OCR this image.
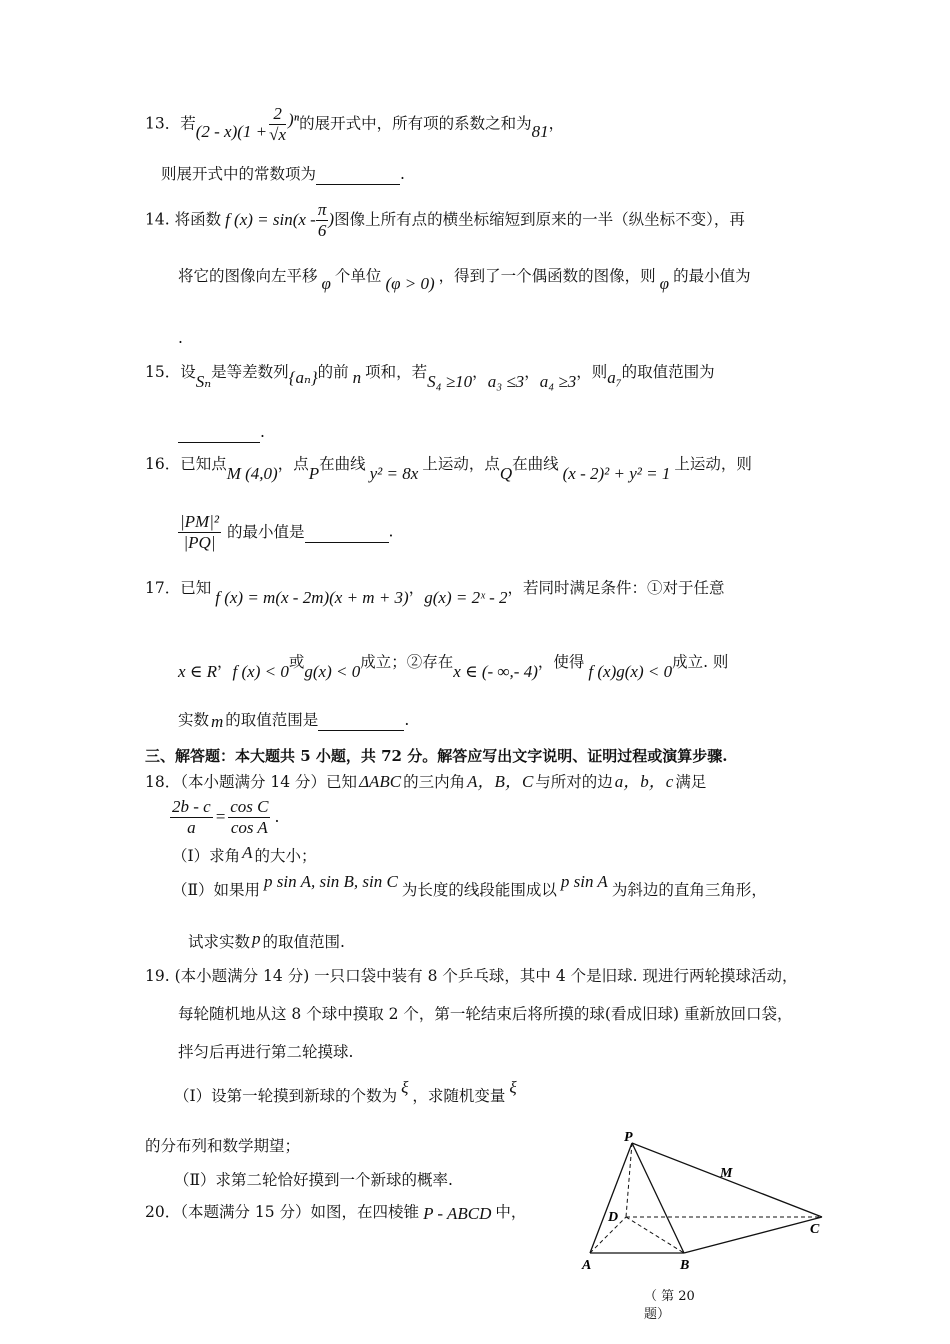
13．若$(2 - x)(1 + \frac{2}{√x} )^n$的展开式中，所有项的系数之和为81，
则展开式中的常数项为	.
14. 将函数 f $(x) = \sin(x - \frac{\pi}{6}$ )图像上所有点的横坐标缩短到原来的一半（纵坐标不变），再
将它的图像向左平移 φ 个单位 (φ > 0) ，得到了一个偶函数的图像，则 φ 的最小值为
.
15．设Sₙ是等差数列{aₙ}的前 n 项和，若S₄ ≥10，a₃ ≤3，a₄ ≥3，则a₇的取值范围为
.
16．已知点M (4,0)，点P在曲线 y² = 8x 上运动，点Q在曲线 (x - 2)² + y² = 1 上运动，则
$\frac{\text{|PM|²}}{|PQ|}$ 的最小值是	.
17．已知 f (x) = m(x - 2m)(x + m + 3)，g(x) = 2ˣ - 2，若同时满足条件：①对于任意
x ∈ R，f (x) < 0或g(x) < 0成立；②存在x ∈ (- ∞,- 4)，使得 f (x)g(x) < 0成立. 则
实数 m 的取值范围是	.
三、解答题：本大题共 5 小题，共 72 分。解答应写出文字说明、证明过程或演算步骤.
18．（本小题满分 14 分）已知 ΔABC 的三内角 A，B，C 与所对的边 a，b，c 满足
$\frac{2b - c}{a} = \frac{\text{cos C}}{\text{cos A}}$ .
（Ⅰ）求角 A 的大小；
（Ⅱ）如果用 p sin A, sin B, sin C 为长度的线段能围成以 p sin A 为斜边的直角三角形，
试求实数 p 的取值范围.
19. (本小题满分 14 分) 一只口袋中装有 8 个乒乓球，其中 4 个是旧球. 现进行两轮摸球活动，
每轮随机地从这 8 个球中摸取 2 个，第一轮结束后将所摸的球(看成旧球) 重新放回口袋，
拌匀后再进行第二轮摸球.
（Ⅰ）设第一轮摸到新球的个数为 ξ ，求随机变量 ξ
的分布列和数学期望；
（Ⅱ）求第二轮恰好摸到一个新球的概率.
20．（本题满分 15 分）如图，在四棱锥 P - ABCD 中，
P
M
D
C
A	B
（ 第 20
题）
